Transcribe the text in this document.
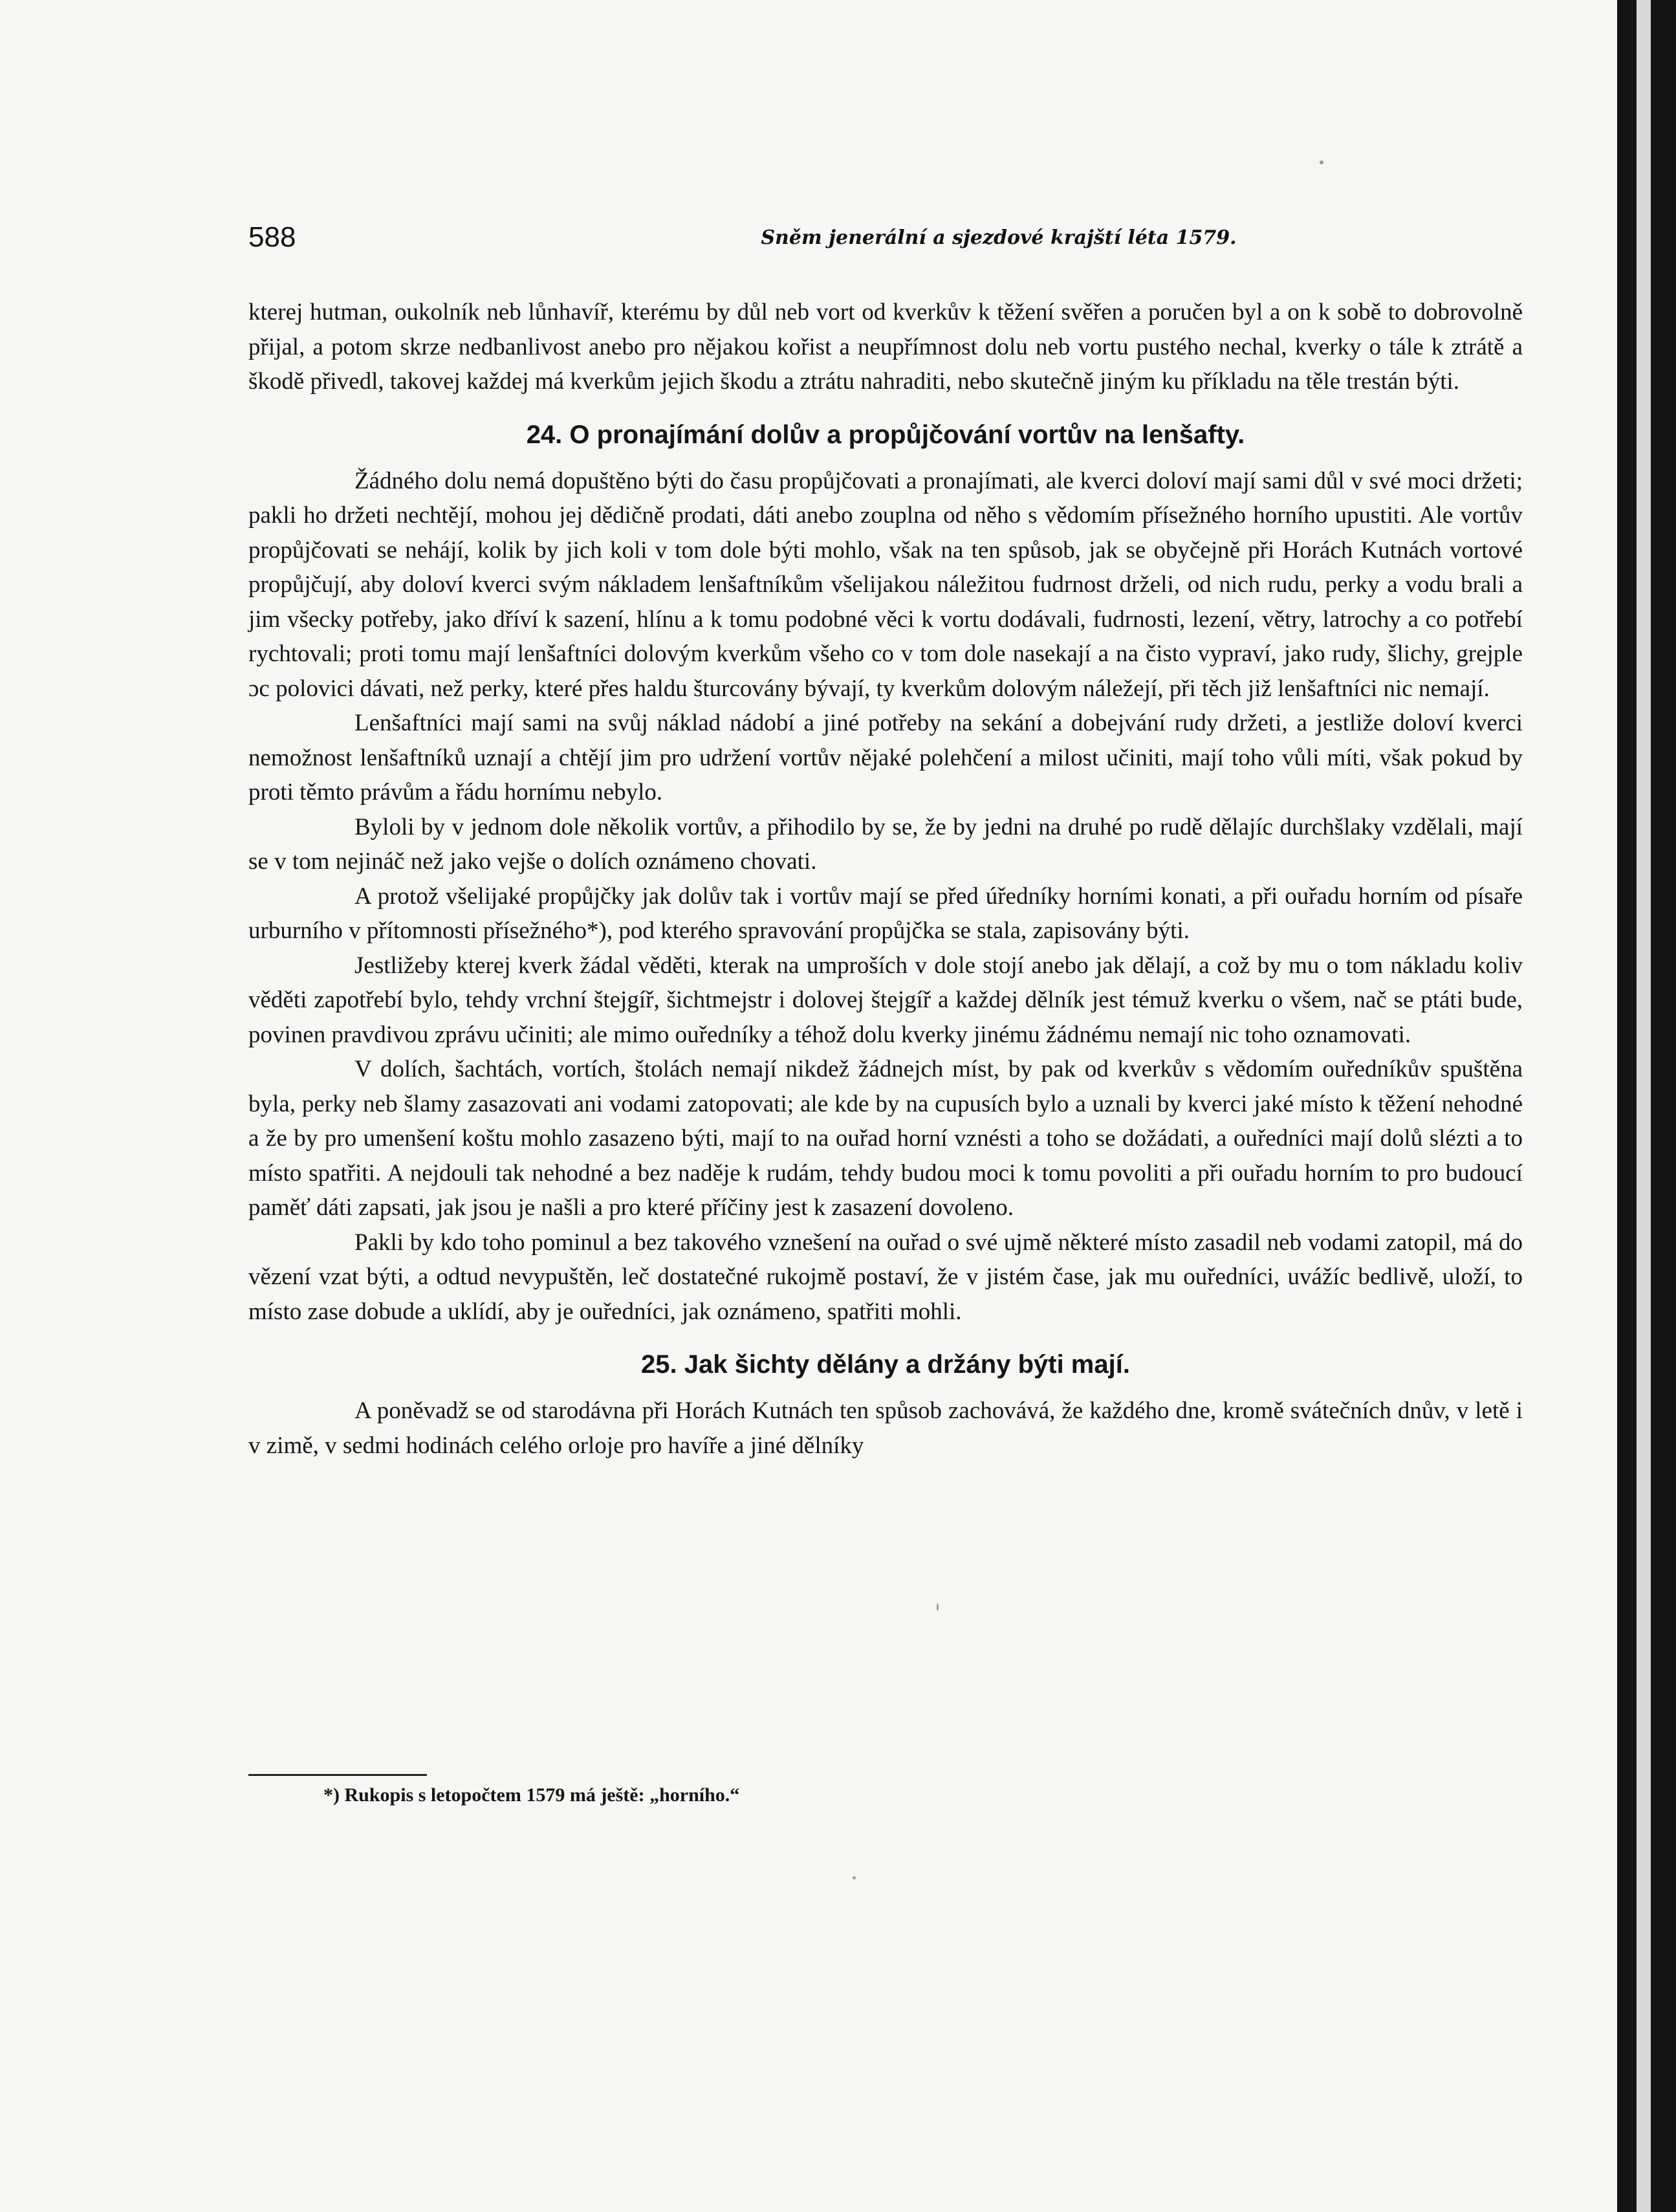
588	Sněm jenerální a sjezdové krajští léta 1579.

kterej hutman, oukolník neb lůnhavíř, kterému by důl neb vort od kverkův k těžení svěřen a poručen byl a on k sobě to dobrovolně přijal, a potom skrze nedbanlivost anebo pro nějakou kořist a neupřímnost dolu neb vortu pustého nechal, kverky o tále k ztrátě a škodě přivedl, takovej každej má kverkům jejich škodu a ztrátu nahraditi, nebo skutečně jiným ku příkladu na těle trestán býti.

24. O pronajímání dolův a propůjčování vortův na lenšafty.

Žádného dolu nemá dopuštěno býti do času propůjčovati a pronajímati, ale kverci doloví mají sami důl v své moci držeti; pakli ho držeti nechtějí, mohou jej dědičně prodati, dáti anebo zouplna od něho s vědomím přísežného horního upustiti. Ale vortův propůjčovati se nehájí, kolik by jich koli v tom dole býti mohlo, však na ten spůsob, jak se obyčejně při Horách Kutnách vortové propůjčují, aby doloví kverci svým nákladem lenšaftníkům všelijakou náležitou fudrnost drželi, od nich rudu, perky a vodu brali a jim všecky potřeby, jako dříví k sazení, hlínu a k tomu podobné věci k vortu dodávali, fudrnosti, lezení, větry, latrochy a co potřebí rychtovali; proti tomu mají lenšaftníci dolovým kverkům všeho co v tom dole nasekají a na čisto vypraví, jako rudy, šlichy, grejple ɔc polovici dávati, než perky, které přes haldu šturcovány bývají, ty kverkům dolovým náležejí, při těch již lenšaftníci nic nemají.

Lenšaftníci mají sami na svůj náklad nádobí a jiné potřeby na sekání a dobejvání rudy držeti, a jestliže doloví kverci nemožnost lenšaftníků uznají a chtějí jim pro udržení vortův nějaké polehčení a milost učiniti, mají toho vůli míti, však pokud by proti těmto právům a řádu hornímu nebylo.

Byloli by v jednom dole několik vortův, a přihodilo by se, že by jedni na druhé po rudě dělajíc durchšlaky vzdělali, mají se v tom nejináč než jako vejše o dolích oznámeno chovati.

A protož všelijaké propůjčky jak dolův tak i vortův mají se před úředníky horními konati, a při ouřadu horním od písaře urburního v přítomnosti přísežného*), pod kterého spravování propůjčka se stala, zapisovány býti.

Jestližeby kterej kverk žádal věděti, kterak na umproších v dole stojí anebo jak dělají, a což by mu o tom nákladu koliv věděti zapotřebí bylo, tehdy vrchní štejgíř, šichtmejstr i dolovej štejgíř a každej dělník jest témuž kverku o všem, nač se ptáti bude, povinen pravdivou zprávu učiniti; ale mimo ouředníky a téhož dolu kverky jinému žádnému nemají nic toho oznamovati.

V dolích, šachtách, vortích, štolách nemají nikdež žádnejch míst, by pak od kverkův s vědomím ouředníkův spuštěna byla, perky neb šlamy zasazovati ani vodami zatopovati; ale kde by na cupusích bylo a uznali by kverci jaké místo k těžení nehodné a že by pro umenšení koštu mohlo zasazeno býti, mají to na ouřad horní vznésti a toho se dožádati, a ouředníci mají dolů slézti a to místo spatřiti. A nejdouli tak nehodné a bez naděje k rudám, tehdy budou moci k tomu povoliti a při ouřadu horním to pro budoucí paměť dáti zapsati, jak jsou je našli a pro které příčiny jest k zasazení dovoleno.

Pakli by kdo toho pominul a bez takového vznešení na ouřad o své ujmě některé místo zasadil neb vodami zatopil, má do vězení vzat býti, a odtud nevypuštěn, leč dostatečné rukojmě postaví, že v jistém čase, jak mu ouředníci, uvážíc bedlivě, uloží, to místo zase dobude a uklídí, aby je ouředníci, jak oznámeno, spatřiti mohli.

25. Jak šichty dělány a držány býti mají.

A poněvadž se od starodávna při Horách Kutnách ten spůsob zachovává, že každého dne, kromě svátečních dnův, v letě i v zimě, v sedmi hodinách celého orloje pro havíře a jiné dělníky

*) Rukopis s letopočtem 1579 má ještě: „horního.“
